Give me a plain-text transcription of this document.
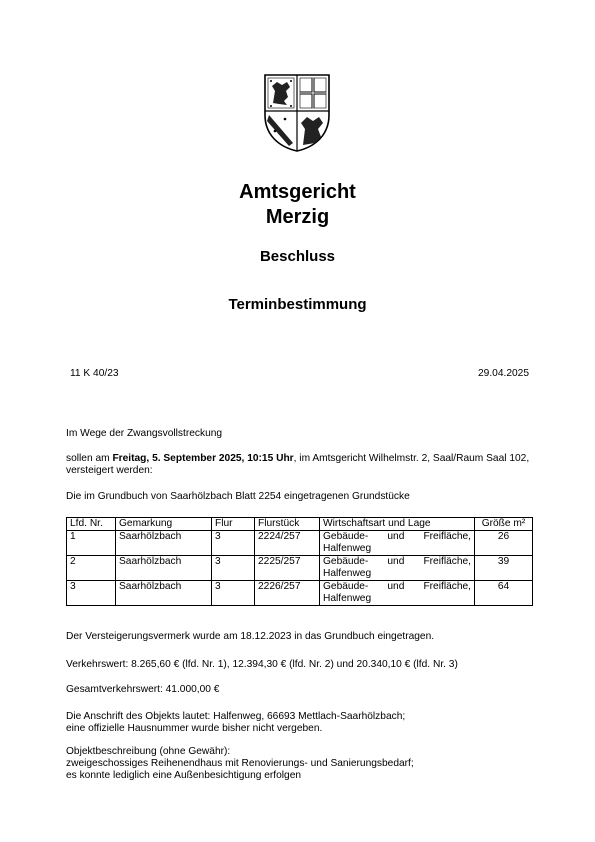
Amtsgericht
Merzig
Beschluss
Terminbestimmung
11 K 40/23	29.04.2025
Im Wege der Zwangsvollstreckung
sollen am Freitag, 5. September 2025, 10:15 Uhr, im Amtsgericht Wilhelmstr. 2, Saal/Raum Saal 102, versteigert werden:
Die im Grundbuch von Saarhölzbach Blatt 2254 eingetragenen Grundstücke
Lfd. Nr.	Gemarkung	Flur	Flurstück	Wirtschaftsart und Lage	Größe m²
1	Saarhölzbach	3	2224/257	Gebäude- und Freifläche, Halfenweg	26
2	Saarhölzbach	3	2225/257	Gebäude- und Freifläche, Halfenweg	39
3	Saarhölzbach	3	2226/257	Gebäude- und Freifläche, Halfenweg	64
Der Versteigerungsvermerk wurde am 18.12.2023 in das Grundbuch eingetragen.
Verkehrswert: 8.265,60 € (lfd. Nr. 1), 12.394,30 € (lfd. Nr. 2) und 20.340,10 € (lfd. Nr. 3)
Gesamtverkehrswert: 41.000,00 €
Die Anschrift des Objekts lautet: Halfenweg, 66693 Mettlach-Saarhölzbach;
eine offizielle Hausnummer wurde bisher nicht vergeben.
Objektbeschreibung (ohne Gewähr):
zweigeschossiges Reihenendhaus mit Renovierungs- und Sanierungsbedarf;
es konnte lediglich eine Außenbesichtigung erfolgen
